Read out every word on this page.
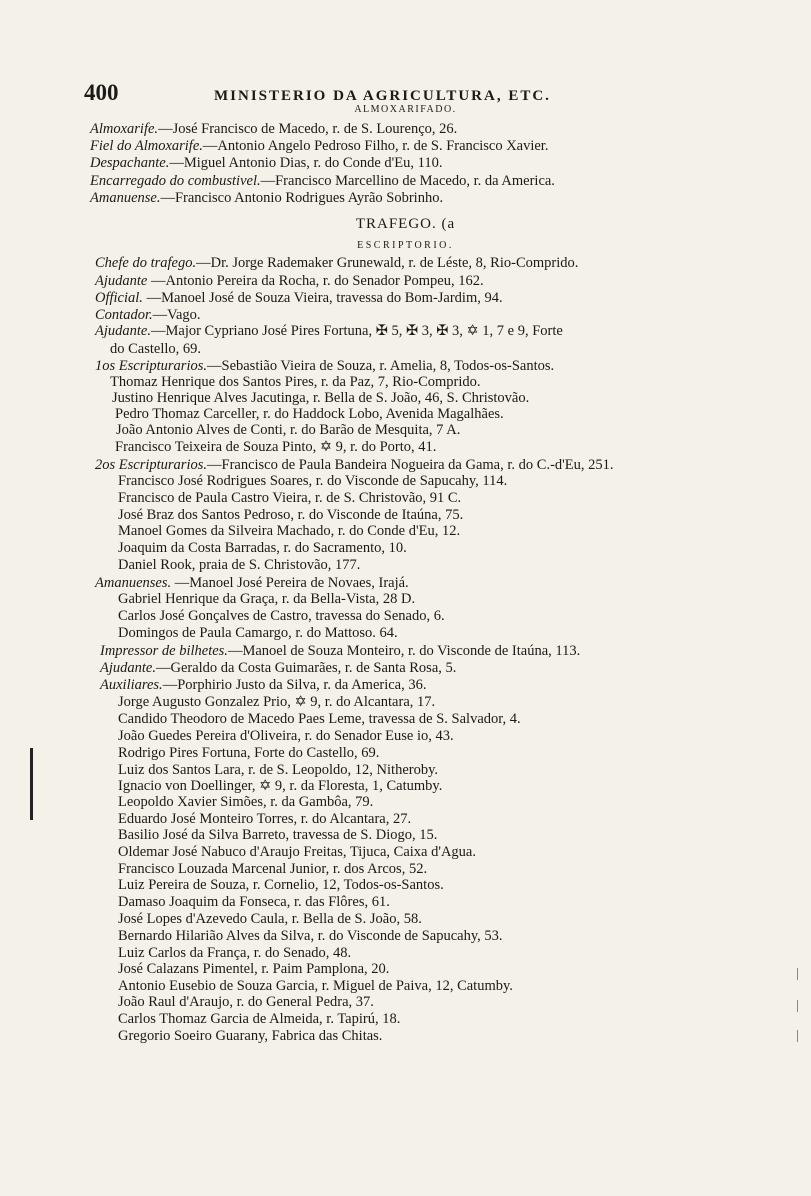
400	MINISTERIO DA AGRICULTURA, ETC.
ALMOXARIFADO.
TRAFEGO. (a
ESCRIPTORIO.
Almoxarife.—José Francisco de Macedo, r. de S. Lourenço, 26.
Fiel do Almoxarife.—Antonio Angelo Pedroso Filho, r. de S. Francisco Xavier.
Despachante.—Miguel Antonio Dias, r. do Conde d'Eu, 110.
Encarregado do combustivel.—Francisco Marcellino de Macedo, r. da America.
Amanuense.—Francisco Antonio Rodrigues Ayrão Sobrinho.
Chefe do trafego.—Dr. Jorge Rademaker Grunewald, r. de Léste, 8, Rio-Comprido.
Ajudante —Antonio Pereira da Rocha, r. do Senador Pompeu, 162.
Official. —Manoel José de Souza Vieira, travessa do Bom-Jardim, 94.
Contador.—Vago.
Ajudante.—Major Cypriano José Pires Fortuna, ✠ 5, ✠ 3, ✠ 3, ✡ 1, 7 e 9, Forte
do Castello, 69.
1os Escripturarios.—Sebastião Vieira de Souza, r. Amelia, 8, Todos-os-Santos.
Thomaz Henrique dos Santos Pires, r. da Paz, 7, Rio-Comprido.
Justino Henrique Alves Jacutinga, r. Bella de S. João, 46, S. Christovão.
Pedro Thomaz Carceller, r. do Haddock Lobo, Avenida Magalhães.
João Antonio Alves de Conti, r. do Barão de Mesquita, 7 A.
Francisco Teixeira de Souza Pinto, ✡ 9, r. do Porto, 41.
2os Escripturarios.—Francisco de Paula Bandeira Nogueira da Gama, r. do C.-d'Eu, 251.
Francisco José Rodrigues Soares, r. do Visconde de Sapucahy, 114.
Francisco de Paula Castro Vieira, r. de S. Christovão, 91 C.
José Braz dos Santos Pedroso, r. do Visconde de Itaúna, 75.
Manoel Gomes da Silveira Machado, r. do Conde d'Eu, 12.
Joaquim da Costa Barradas, r. do Sacramento, 10.
Daniel Rook, praia de S. Christovão, 177.
Amanuenses. —Manoel José Pereira de Novaes, Irajá.
Gabriel Henrique da Graça, r. da Bella-Vista, 28 D.
Carlos José Gonçalves de Castro, travessa do Senado, 6.
Domingos de Paula Camargo, r. do Mattoso. 64.
Impressor de bilhetes.—Manoel de Souza Monteiro, r. do Visconde de Itaúna, 113.
Ajudante.—Geraldo da Costa Guimarães, r. de Santa Rosa, 5.
Auxiliares.—Porphirio Justo da Silva, r. da America, 36.
Jorge Augusto Gonzalez Prio, ✡ 9, r. do Alcantara, 17.
Candido Theodoro de Macedo Paes Leme, travessa de S. Salvador, 4.
João Guedes Pereira d'Oliveira, r. do Senador Euse io, 43.
Rodrigo Pires Fortuna, Forte do Castello, 69.
Luiz dos Santos Lara, r. de S. Leopoldo, 12, Nitheroby.
Ignacio von Doellinger, ✡ 9, r. da Floresta, 1, Catumby.
Leopoldo Xavier Simões, r. da Gambôa, 79.
Eduardo José Monteiro Torres, r. do Alcantara, 27.
Basilio José da Silva Barreto, travessa de S. Diogo, 15.
Oldemar José Nabuco d'Araujo Freitas, Tijuca, Caixa d'Agua.
Francisco Louzada Marcenal Junior, r. dos Arcos, 52.
Luiz Pereira de Souza, r. Cornelio, 12, Todos-os-Santos.
Damaso Joaquim da Fonseca, r. das Flôres, 61.
José Lopes d'Azevedo Caula, r. Bella de S. João, 58.
Bernardo Hilarião Alves da Silva, r. do Visconde de Sapucahy, 53.
Luiz Carlos da França, r. do Senado, 48.
José Calazans Pimentel, r. Paim Pamplona, 20.
Antonio Eusebio de Souza Garcia, r. Miguel de Paiva, 12, Catumby.
João Raul d'Araujo, r. do General Pedra, 37.
Carlos Thomaz Garcia de Almeida, r. Tapirú, 18.
Gregorio Soeiro Guarany, Fabrica das Chitas.
